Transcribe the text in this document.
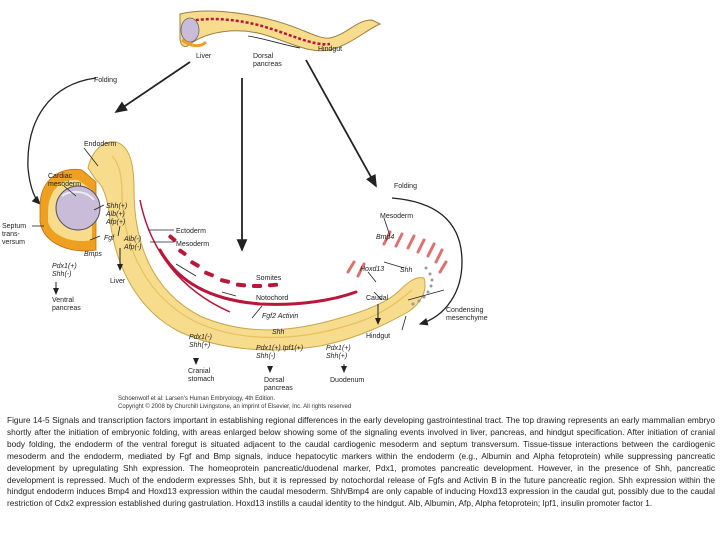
Liver	Dorsal pancreas
Hindgut
Folding
Folding
Endoderm
Cardiac mesoderm
Septum trans-versum
Shh(+) Alb(+) Afp(+)
Fgf
Bmps
Alb(-) Afp(-)
Ectoderm
Mesoderm
Pdx1(+) Shh(-)
Ventral pancreas
Liver	Somites
Notochord
Fgf2 Activin
Shh
Pdx1(-) Shh(+)
Cranial stomach
Pdx1(+) Ipf1(+) Shh(-)
Dorsal pancreas
Pdx1(+) Shh(+)
Duodenum
Mesoderm
Bmp4
Hoxd13 Shh
Caudal
Hindgut
Condensing mesenchyme
Schoenwolf et al: Larsen's Human Embryology, 4th Edition.
Copyright © 2008 by Churchill Livingstone, an imprint of Elsevier, Inc. All rights reserved

Figure 14-5 Signals and transcription factors important in establishing regional differences in the early developing gastrointestinal tract. The top drawing represents an early mammalian embryo shortly after the initiation of embryonic folding, with areas enlarged below showing some of the signaling events involved in liver, pancreas, and hindgut specification. After initiation of cranial body folding, the endoderm of the ventral foregut is situated adjacent to the caudal cardiogenic mesoderm and septum transversum. Tissue-tissue interactions between the cardiogenic mesoderm and the endoderm, mediated by Fgf and Bmp signals, induce hepatocytic markers within the endoderm (e.g., Albumin and Alpha fetoprotein) while suppressing pancreatic development by upregulating Shh expression. The homeoprotein pancreatic/duodenal marker, Pdx1, promotes pancreatic development. However, in the presence of Shh, pancreatic development is repressed. Much of the endoderm expresses Shh, but it is repressed by notochordal release of Fgfs and Activin B in the future pancreatic region. Shh expression within the hindgut endoderm induces Bmp4 and Hoxd13 expression within the caudal mesoderm. Shh/Bmp4 are only capable of inducing Hoxd13 expression in the caudal gut, possibly due to the caudal restriction of Cdx2 expression established during gastrulation. Hoxd13 instills a caudal identity to the hindgut. Alb, Albumin, Afp, Alpha fetoprotein; Ipf1, insulin promoter factor 1.
